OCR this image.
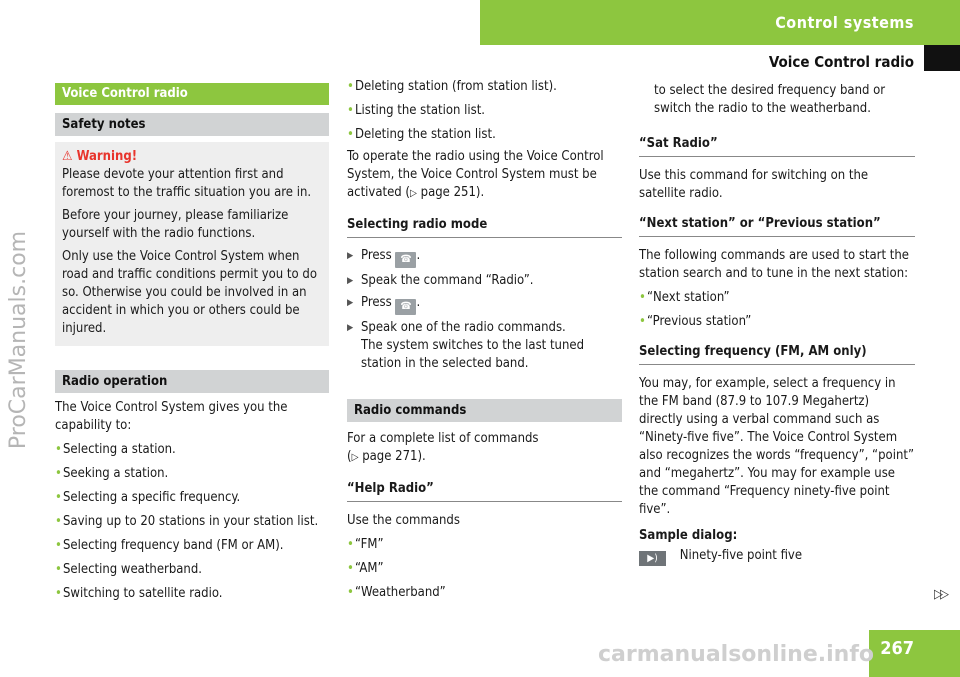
Control systems
Voice Control radio
ProCarManuals.com
Voice Control radio
Safety notes
⚠ Warning!

Please devote your attention first and foremost to the traffic situation you are in.

Before your journey, please familiarize yourself with the radio functions.

Only use the Voice Control System when road and traffic conditions permit you to do so. Otherwise you could be involved in an accident in which you or others could be injured.

Radio operation

The Voice Control System gives you the capability to:

• Selecting a station.
• Seeking a station.
• Selecting a specific frequency.
• Saving up to 20 stations in your station list.
• Selecting frequency band (FM or AM).
• Selecting weatherband.
• Switching to satellite radio.
• Deleting station (from station list).
• Listing the station list.
• Deleting the station list.

To operate the radio using the Voice Control System, the Voice Control System must be activated (▷ page 251).

Selecting radio mode
▶ Press ☎ .
▶ Speak the command “Radio”.
▶ Press ☎ .
▶ Speak one of the radio commands.
The system switches to the last tuned station in the selected band.
Radio commands

For a complete list of commands

(▷ page 271).

“Help Radio”

Use the commands

• “FM”
• “AM”
• “Weatherband”

to select the desired frequency band or switch the radio to the weatherband.

“Sat Radio”

Use this command for switching on the satellite radio.

“Next station” or “Previous station”

The following commands are used to start the station search and to tune in the next station:

• “Next station”
• “Previous station”
Selecting frequency (FM, AM only)

You may, for example, select a frequency in the FM band (87.9 to 107.9 Megahertz) directly using a verbal command such as “Ninety-five five”. The Voice Control System also recognizes the words “frequency”, “point” and “megahertz”. You may for example use the command “Frequency ninety-five point five”.

Sample dialog:

▶) Ninety-five point five
▷▷
267
carmanualsonline.info
